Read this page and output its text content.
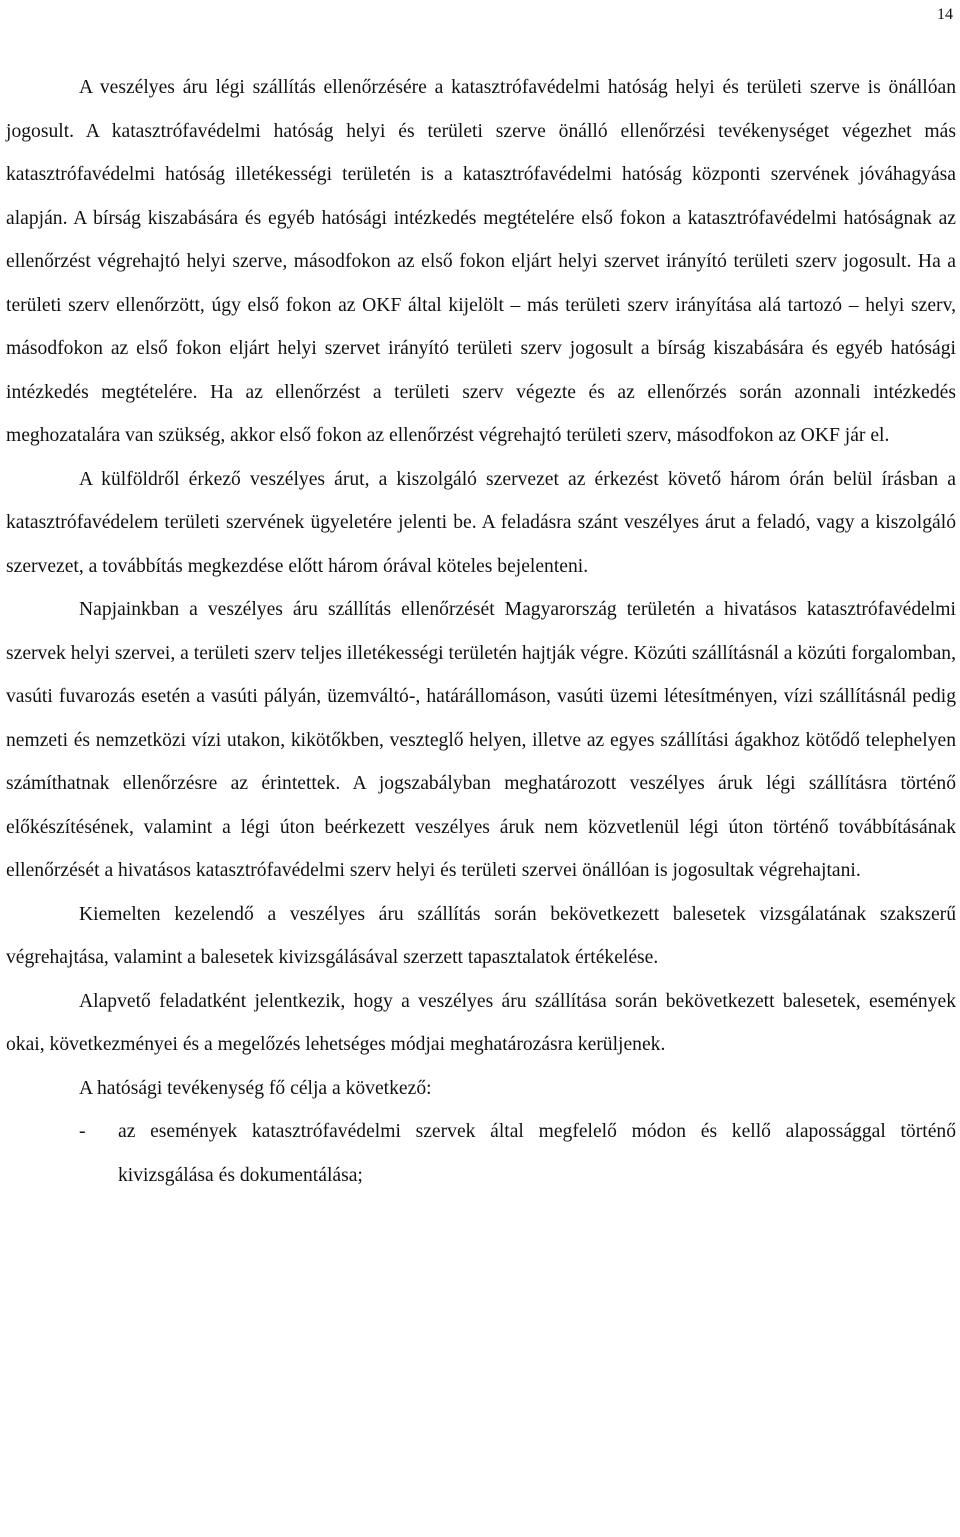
14

A veszélyes áru légi szállítás ellenőrzésére a katasztrófavédelmi hatóság helyi és területi szerve is önállóan jogosult. A katasztrófavédelmi hatóság helyi és területi szerve önálló ellenőrzési tevékenységet végezhet más katasztrófavédelmi hatóság illetékességi területén is a katasztrófavédelmi hatóság központi szervének jóváhagyása alapján. A bírság kiszabására és egyéb hatósági intézkedés megtételére első fokon a katasztrófavédelmi hatóságnak az ellenőrzést végrehajtó helyi szerve, másodfokon az első fokon eljárt helyi szervet irányító területi szerv jogosult. Ha a területi szerv ellenőrzött, úgy első fokon az OKF által kijelölt – más területi szerv irányítása alá tartozó – helyi szerv, másodfokon az első fokon eljárt helyi szervet irányító területi szerv jogosult a bírság kiszabására és egyéb hatósági intézkedés megtételére. Ha az ellenőrzést a területi szerv végezte és az ellenőrzés során azonnali intézkedés meghozatalára van szükség, akkor első fokon az ellenőrzést végrehajtó területi szerv, másodfokon az OKF jár el.

A külföldről érkező veszélyes árut, a kiszolgáló szervezet az érkezést követő három órán belül írásban a katasztrófavédelem területi szervének ügyeletére jelenti be. A feladásra szánt veszélyes árut a feladó, vagy a kiszolgáló szervezet, a továbbítás megkezdése előtt három órával köteles bejelenteni.

Napjainkban a veszélyes áru szállítás ellenőrzését Magyarország területén a hivatásos katasztrófavédelmi szervek helyi szervei, a területi szerv teljes illetékességi területén hajtják végre. Közúti szállításnál a közúti forgalomban, vasúti fuvarozás esetén a vasúti pályán, üzemváltó-, határállomáson, vasúti üzemi létesítményen, vízi szállításnál pedig nemzeti és nemzetközi vízi utakon, kikötőkben, veszteglő helyen, illetve az egyes szállítási ágakhoz kötődő telephelyen számíthatnak ellenőrzésre az érintettek. A jogszabályban meghatározott veszélyes áruk légi szállításra történő előkészítésének, valamint a légi úton beérkezett veszélyes áruk nem közvetlenül légi úton történő továbbításának ellenőrzését a hivatásos katasztrófavédelmi szerv helyi és területi szervei önállóan is jogosultak végrehajtani.

Kiemelten kezelendő a veszélyes áru szállítás során bekövetkezett balesetek vizsgálatának szakszerű végrehajtása, valamint a balesetek kivizsgálásával szerzett tapasztalatok értékelése.

Alapvető feladatként jelentkezik, hogy a veszélyes áru szállítása során bekövetkezett balesetek, események okai, következményei és a megelőzés lehetséges módjai meghatározásra kerüljenek.

A hatósági tevékenység fő célja a következő:

- az események katasztrófavédelmi szervek által megfelelő módon és kellő alapossággal történő kivizsgálása és dokumentálása;
